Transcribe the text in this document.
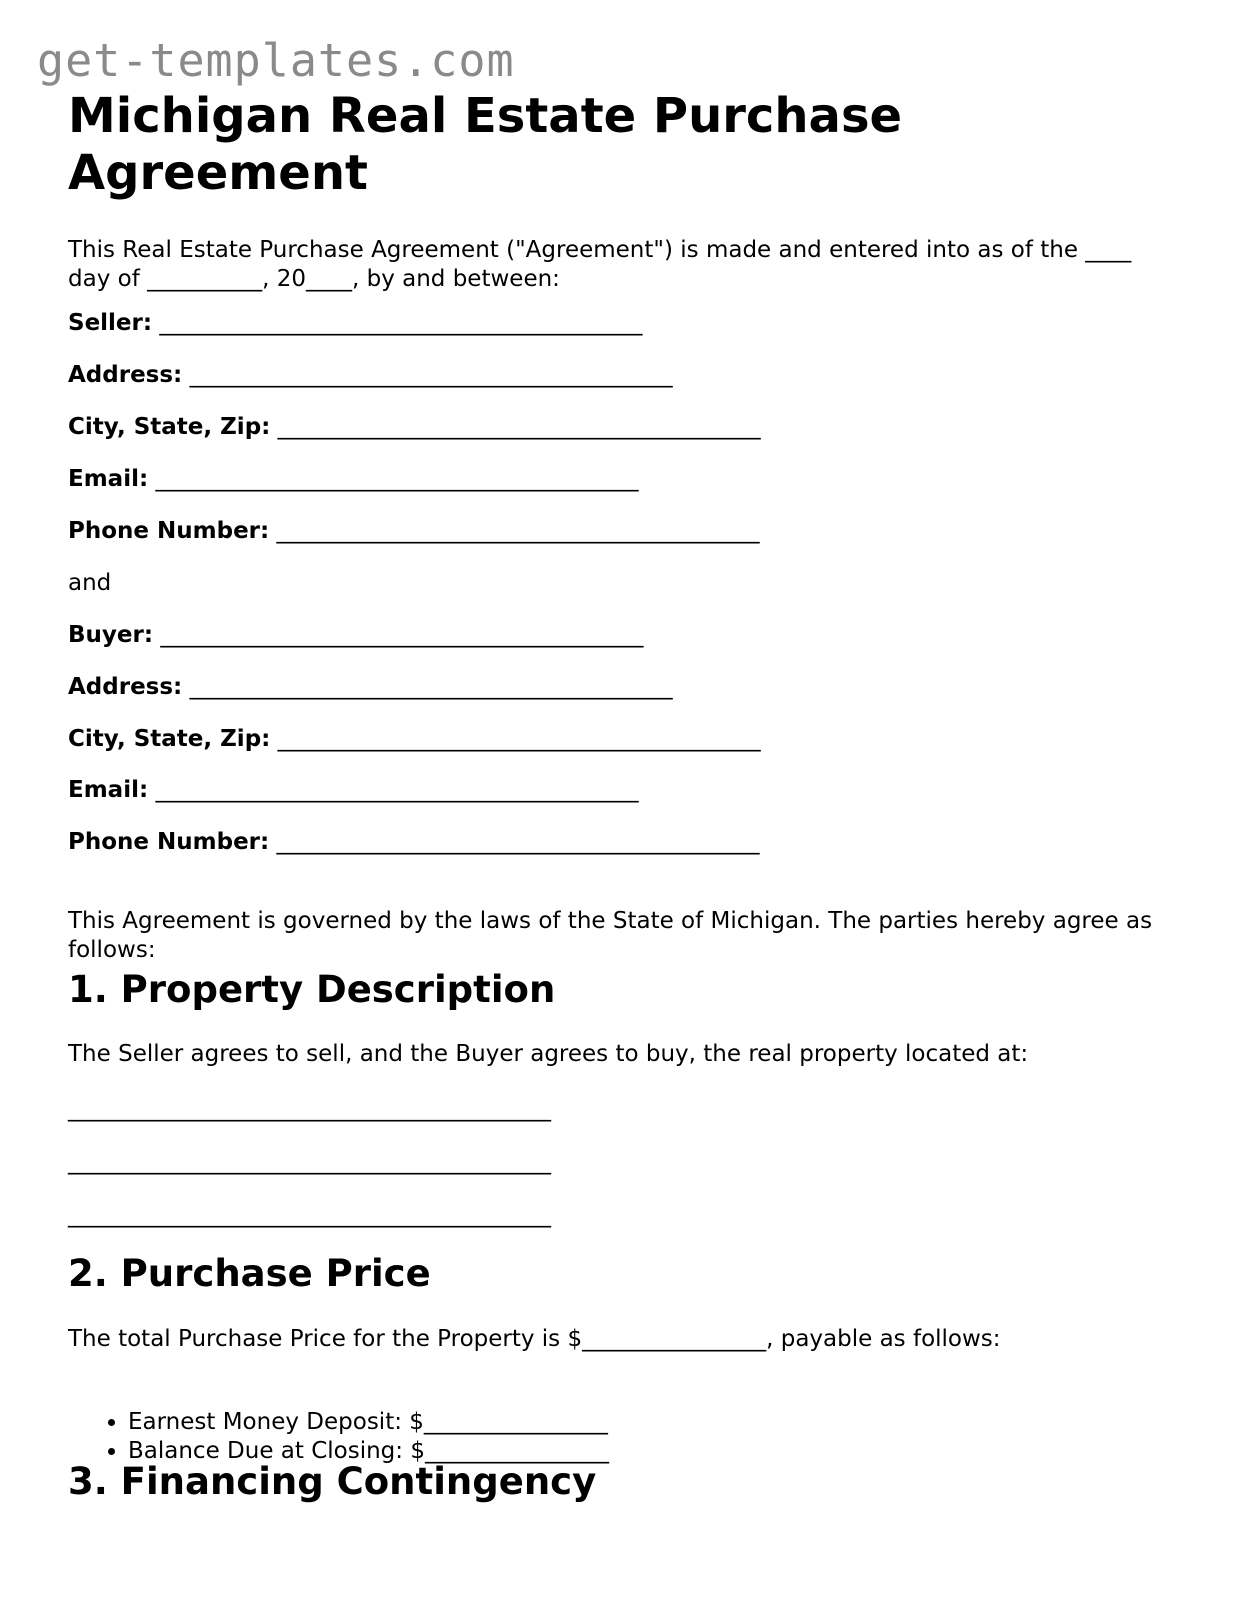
get-templates.com
Michigan Real Estate Purchase Agreement

This Real Estate Purchase Agreement ("Agreement") is made and entered into as of the ____ day of __________, 20____, by and between:

Seller: __________________________________________
Address: __________________________________________
City, State, Zip: __________________________________________
Email: __________________________________________
Phone Number: __________________________________________
and
Buyer: __________________________________________
Address: __________________________________________
City, State, Zip: __________________________________________
Email: __________________________________________
Phone Number: __________________________________________

This Agreement is governed by the laws of the State of Michigan. The parties hereby agree as follows:

1. Property Description

The Seller agrees to sell, and the Buyer agrees to buy, the real property located at:

__________________________________________
__________________________________________
__________________________________________
2. Purchase Price

The total Purchase Price for the Property is $________________, payable as follows:

• Earnest Money Deposit: $________________
• Balance Due at Closing: $________________
3. Financing Contingency
